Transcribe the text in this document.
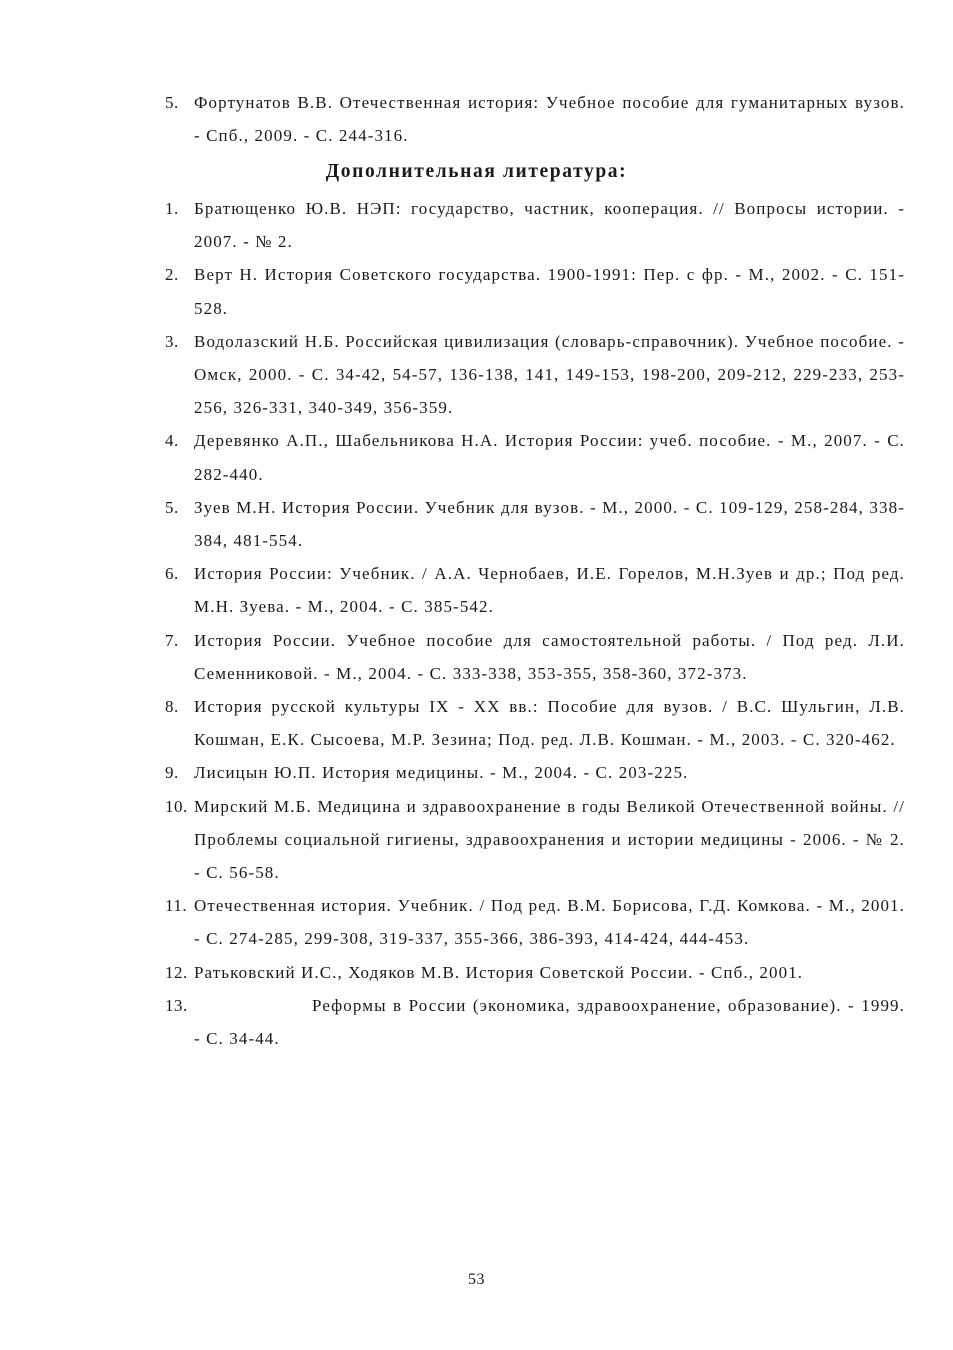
5. Фортунатов В.В. Отечественная история: Учебное пособие для гуманитарных вузов. - Спб., 2009. - С. 244-316.
Дополнительная литература:
1. Братющенко Ю.В. НЭП: государство, частник, кооперация. // Вопросы истории. - 2007. - № 2.
2. Верт Н. История Советского государства. 1900-1991: Пер. с фр. - М., 2002. - С. 151-528.
3. Водолазский Н.Б. Российская цивилизация (словарь-справочник). Учебное пособие. - Омск, 2000. - С. 34-42, 54-57, 136-138, 141, 149-153, 198-200, 209-212, 229-233, 253-256, 326-331, 340-349, 356-359.
4. Деревянко А.П., Шабельникова Н.А. История России: учеб. пособие. - М., 2007. - С. 282-440.
5. Зуев М.Н. История России. Учебник для вузов. - М., 2000. - С. 109-129, 258-284, 338-384, 481-554.
6. История России: Учебник. / А.А. Чернобаев, И.Е. Горелов, М.Н.Зуев и др.; Под ред. М.Н. Зуева. - М., 2004. - С. 385-542.
7. История России. Учебное пособие для самостоятельной работы. / Под ред. Л.И. Семенниковой. - М., 2004. - С. 333-338, 353-355, 358-360, 372-373.
8. История русской культуры IX - XX вв.: Пособие для вузов. / В.С. Шульгин, Л.В. Кошман, Е.К. Сысоева, М.Р. Зезина; Под. ред. Л.В. Кошман. - М., 2003. - С. 320-462.
9. Лисицын Ю.П. История медицины. - М., 2004. - С. 203-225.
10. Мирский М.Б. Медицина и здравоохранение в годы Великой Отечественной войны. // Проблемы социальной гигиены, здравоохранения и истории медицины - 2006. - № 2. - С. 56-58.
11. Отечественная история. Учебник. / Под ред. В.М. Борисова, Г.Д. Комкова. - М., 2001. - С. 274-285, 299-308, 319-337, 355-366, 386-393, 414-424, 444-453.
12. Ратьковский И.С., Ходяков М.В. История Советской России. - Спб., 2001.
13.	Реформы в России (экономика, здравоохранение, образование). - 1999. - С. 34-44.
53
